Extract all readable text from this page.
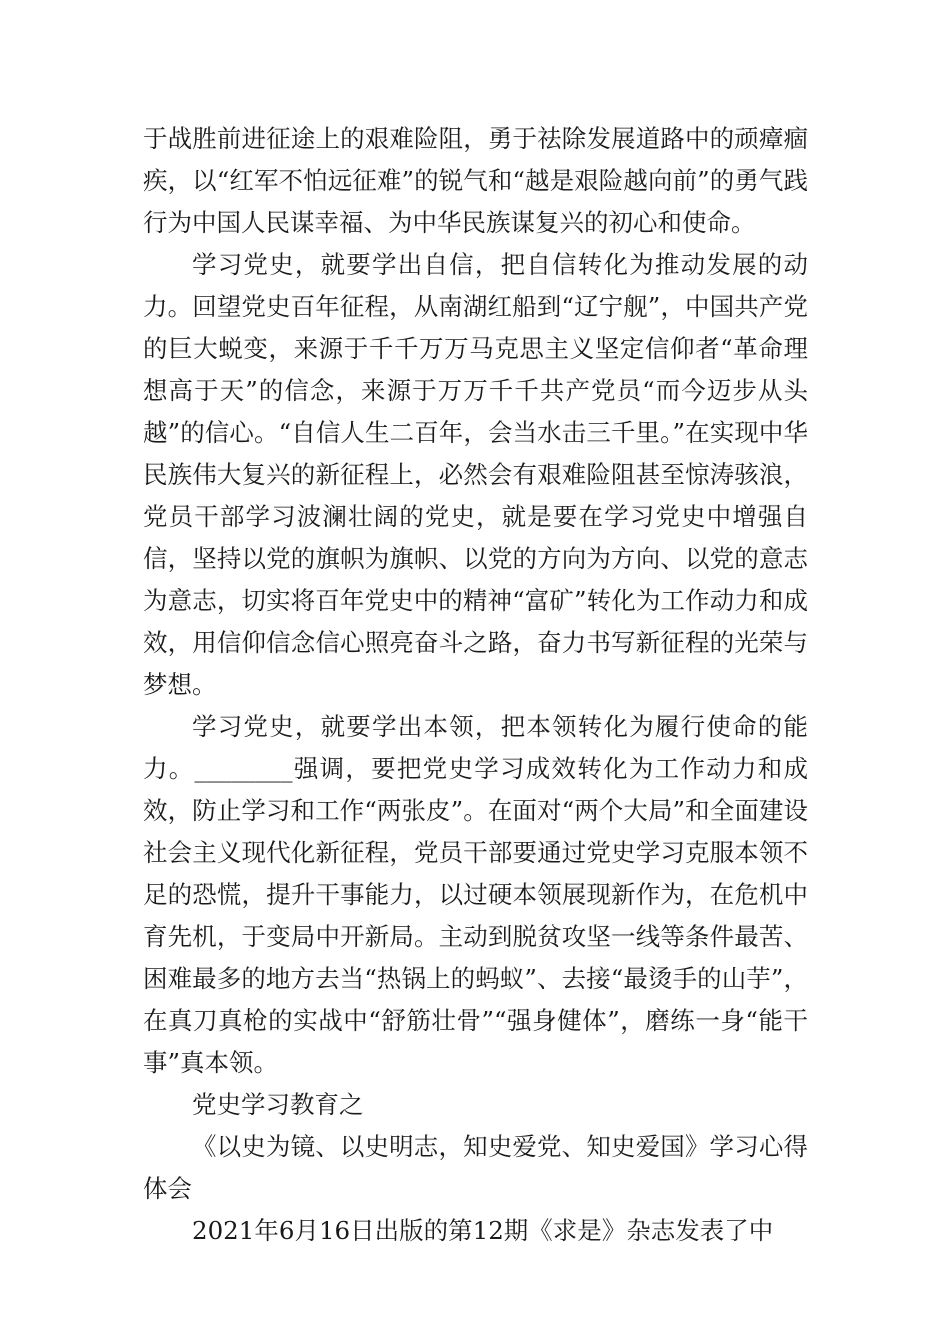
于战胜前进征途上的艰难险阻，勇于祛除发展道路中的顽瘴痼疾，以“红军不怕远征难”的锐气和“越是艰险越向前”的勇气践行为中国人民谋幸福、为中华民族谋复兴的初心和使命。

学习党史，就要学出自信，把自信转化为推动发展的动力。回望党史百年征程，从南湖红船到“辽宁舰”，中国共产党的巨大蜕变，来源于千千万万马克思主义坚定信仰者“革命理想高于天”的信念，来源于万万千千共产党员“而今迈步从头越”的信心。“自信人生二百年，会当水击三千里。”在实现中华民族伟大复兴的新征程上，必然会有艰难险阻甚至惊涛骇浪，党员干部学习波澜壮阔的党史，就是要在学习党史中增强自信，坚持以党的旗帜为旗帜、以党的方向为方向、以党的意志为意志，切实将百年党史中的精神“富矿”转化为工作动力和成效，用信仰信念信心照亮奋斗之路，奋力书写新征程的光荣与梦想。

学习党史，就要学出本领，把本领转化为履行使命的能力。________强调，要把党史学习成效转化为工作动力和成效，防止学习和工作“两张皮”。在面对“两个大局”和全面建设社会主义现代化新征程，党员干部要通过党史学习克服本领不足的恐慌，提升干事能力，以过硬本领展现新作为，在危机中育先机，于变局中开新局。主动到脱贫攻坚一线等条件最苦、困难最多的地方去当“热锅上的蚂蚁”、去接“最烫手的山芋”，在真刀真枪的实战中“舒筋壮骨”“强身健体”，磨练一身“能干事”真本领。

党史学习教育之

《以史为镜、以史明志，知史爱党、知史爱国》学习心得体会

2021年6月16日出版的第12期《求是》杂志发表了中
